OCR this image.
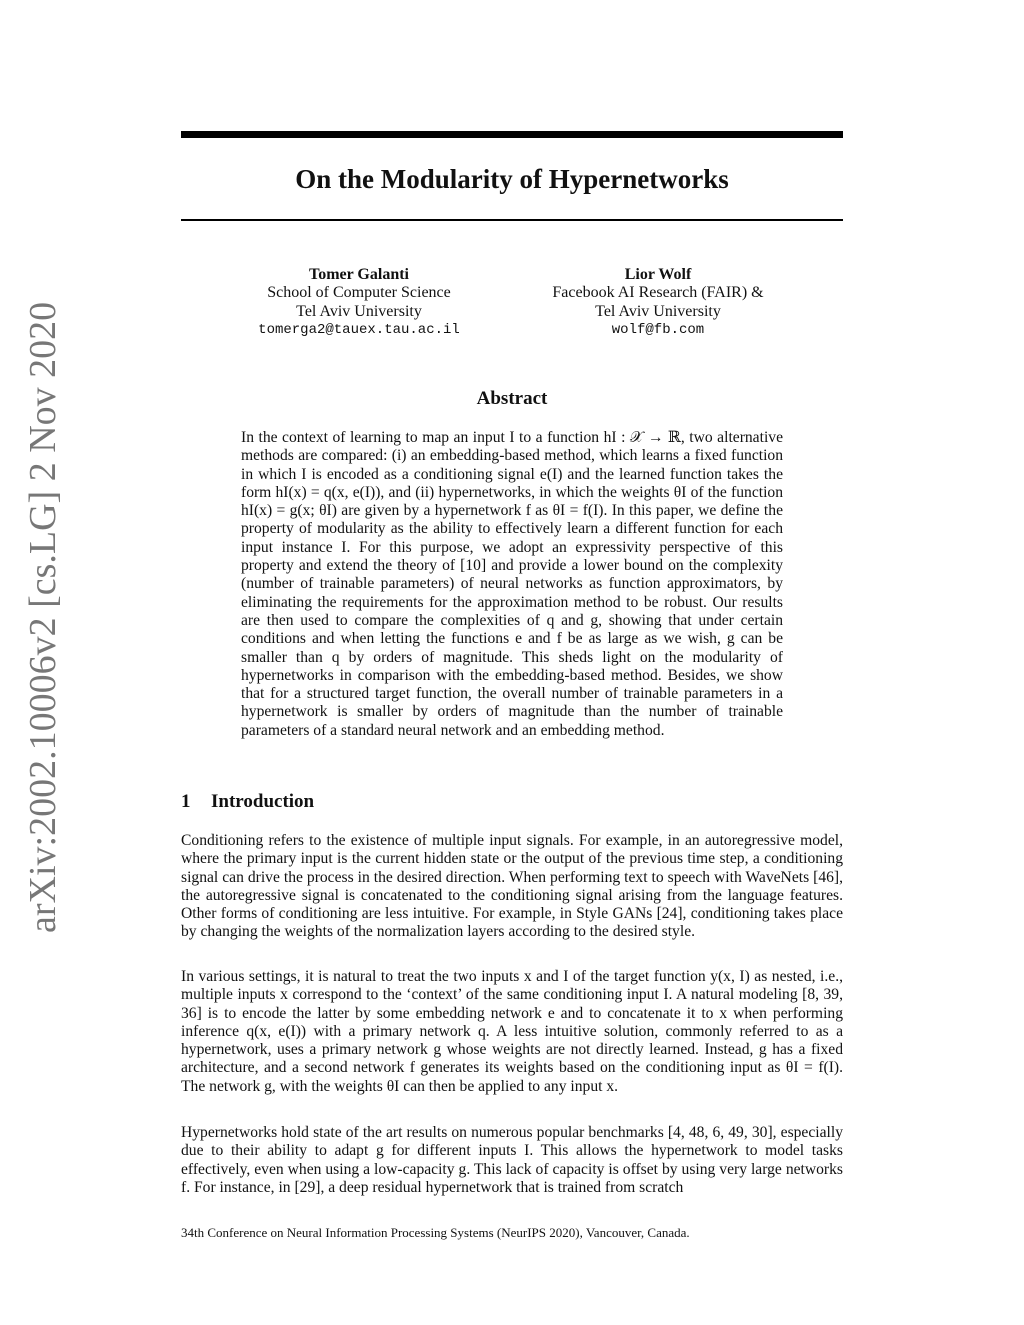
arXiv:2002.10006v2 [cs.LG] 2 Nov 2020
On the Modularity of Hypernetworks
Tomer Galanti
School of Computer Science
Tel Aviv University
tomerga2@tauex.tau.ac.il
Lior Wolf
Facebook AI Research (FAIR) &
Tel Aviv University
wolf@fb.com
Abstract

In the context of learning to map an input I to a function hI : 𝒳 → ℝ, two alternative methods are compared: (i) an embedding-based method, which learns a fixed function in which I is encoded as a conditioning signal e(I) and the learned function takes the form hI(x) = q(x, e(I)), and (ii) hypernetworks, in which the weights θI of the function hI(x) = g(x; θI) are given by a hypernetwork f as θI = f(I). In this paper, we define the property of modularity as the ability to effectively learn a different function for each input instance I. For this purpose, we adopt an expressivity perspective of this property and extend the theory of [10] and provide a lower bound on the complexity (number of trainable parameters) of neural networks as function approximators, by eliminating the requirements for the approximation method to be robust. Our results are then used to compare the complexities of q and g, showing that under certain conditions and when letting the functions e and f be as large as we wish, g can be smaller than q by orders of magnitude. This sheds light on the modularity of hypernetworks in comparison with the embedding-based method. Besides, we show that for a structured target function, the overall number of trainable parameters in a hypernetwork is smaller by orders of magnitude than the number of trainable parameters of a standard neural network and an embedding method.

1 Introduction

Conditioning refers to the existence of multiple input signals. For example, in an autoregressive model, where the primary input is the current hidden state or the output of the previous time step, a conditioning signal can drive the process in the desired direction. When performing text to speech with WaveNets [46], the autoregressive signal is concatenated to the conditioning signal arising from the language features. Other forms of conditioning are less intuitive. For example, in Style GANs [24], conditioning takes place by changing the weights of the normalization layers according to the desired style.

In various settings, it is natural to treat the two inputs x and I of the target function y(x, I) as nested, i.e., multiple inputs x correspond to the ‘context’ of the same conditioning input I. A natural modeling [8, 39, 36] is to encode the latter by some embedding network e and to concatenate it to x when performing inference q(x, e(I)) with a primary network q. A less intuitive solution, commonly referred to as a hypernetwork, uses a primary network g whose weights are not directly learned. Instead, g has a fixed architecture, and a second network f generates its weights based on the conditioning input as θI = f(I). The network g, with the weights θI can then be applied to any input x.

Hypernetworks hold state of the art results on numerous popular benchmarks [4, 48, 6, 49, 30], especially due to their ability to adapt g for different inputs I. This allows the hypernetwork to model tasks effectively, even when using a low-capacity g. This lack of capacity is offset by using very large networks f. For instance, in [29], a deep residual hypernetwork that is trained from scratch

34th Conference on Neural Information Processing Systems (NeurIPS 2020), Vancouver, Canada.
